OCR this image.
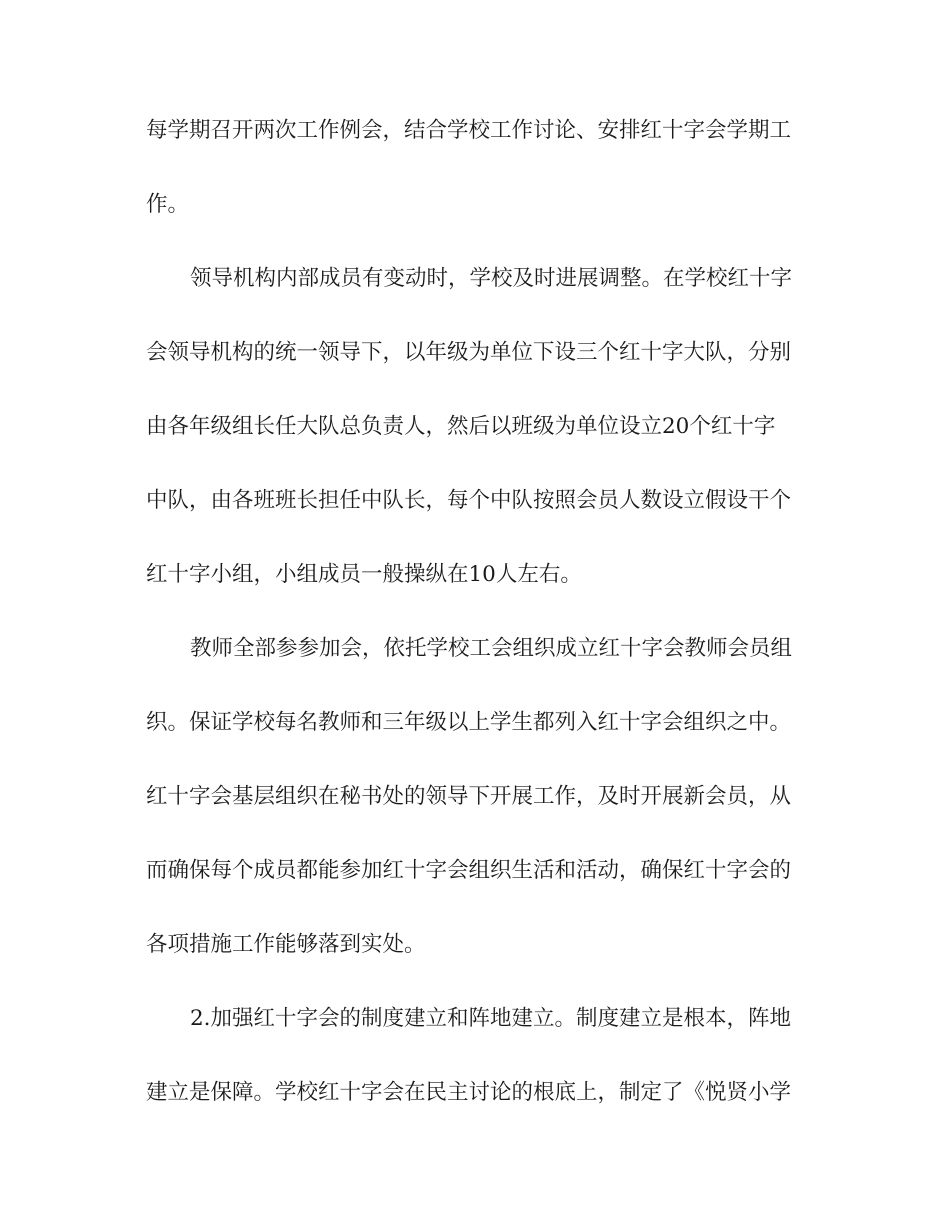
每学期召开两次工作例会，结合学校工作讨论、安排红十字会学期工
作。
领导机构内部成员有变动时，学校及时进展调整。在学校红十字
会领导机构的统一领导下，以年级为单位下设三个红十字大队，分别
由各年级组长任大队总负责人，然后以班级为单位设立20个红十字
中队，由各班班长担任中队长，每个中队按照会员人数设立假设干个
红十字小组，小组成员一般操纵在10人左右。
教师全部参参加会，依托学校工会组织成立红十字会教师会员组
织。保证学校每名教师和三年级以上学生都列入红十字会组织之中。
红十字会基层组织在秘书处的领导下开展工作，及时开展新会员，从
而确保每个成员都能参加红十字会组织生活和活动，确保红十字会的
各项措施工作能够落到实处。
2.加强红十字会的制度建立和阵地建立。制度建立是根本，阵地
建立是保障。学校红十字会在民主讨论的根底上，制定了《悦贤小学
